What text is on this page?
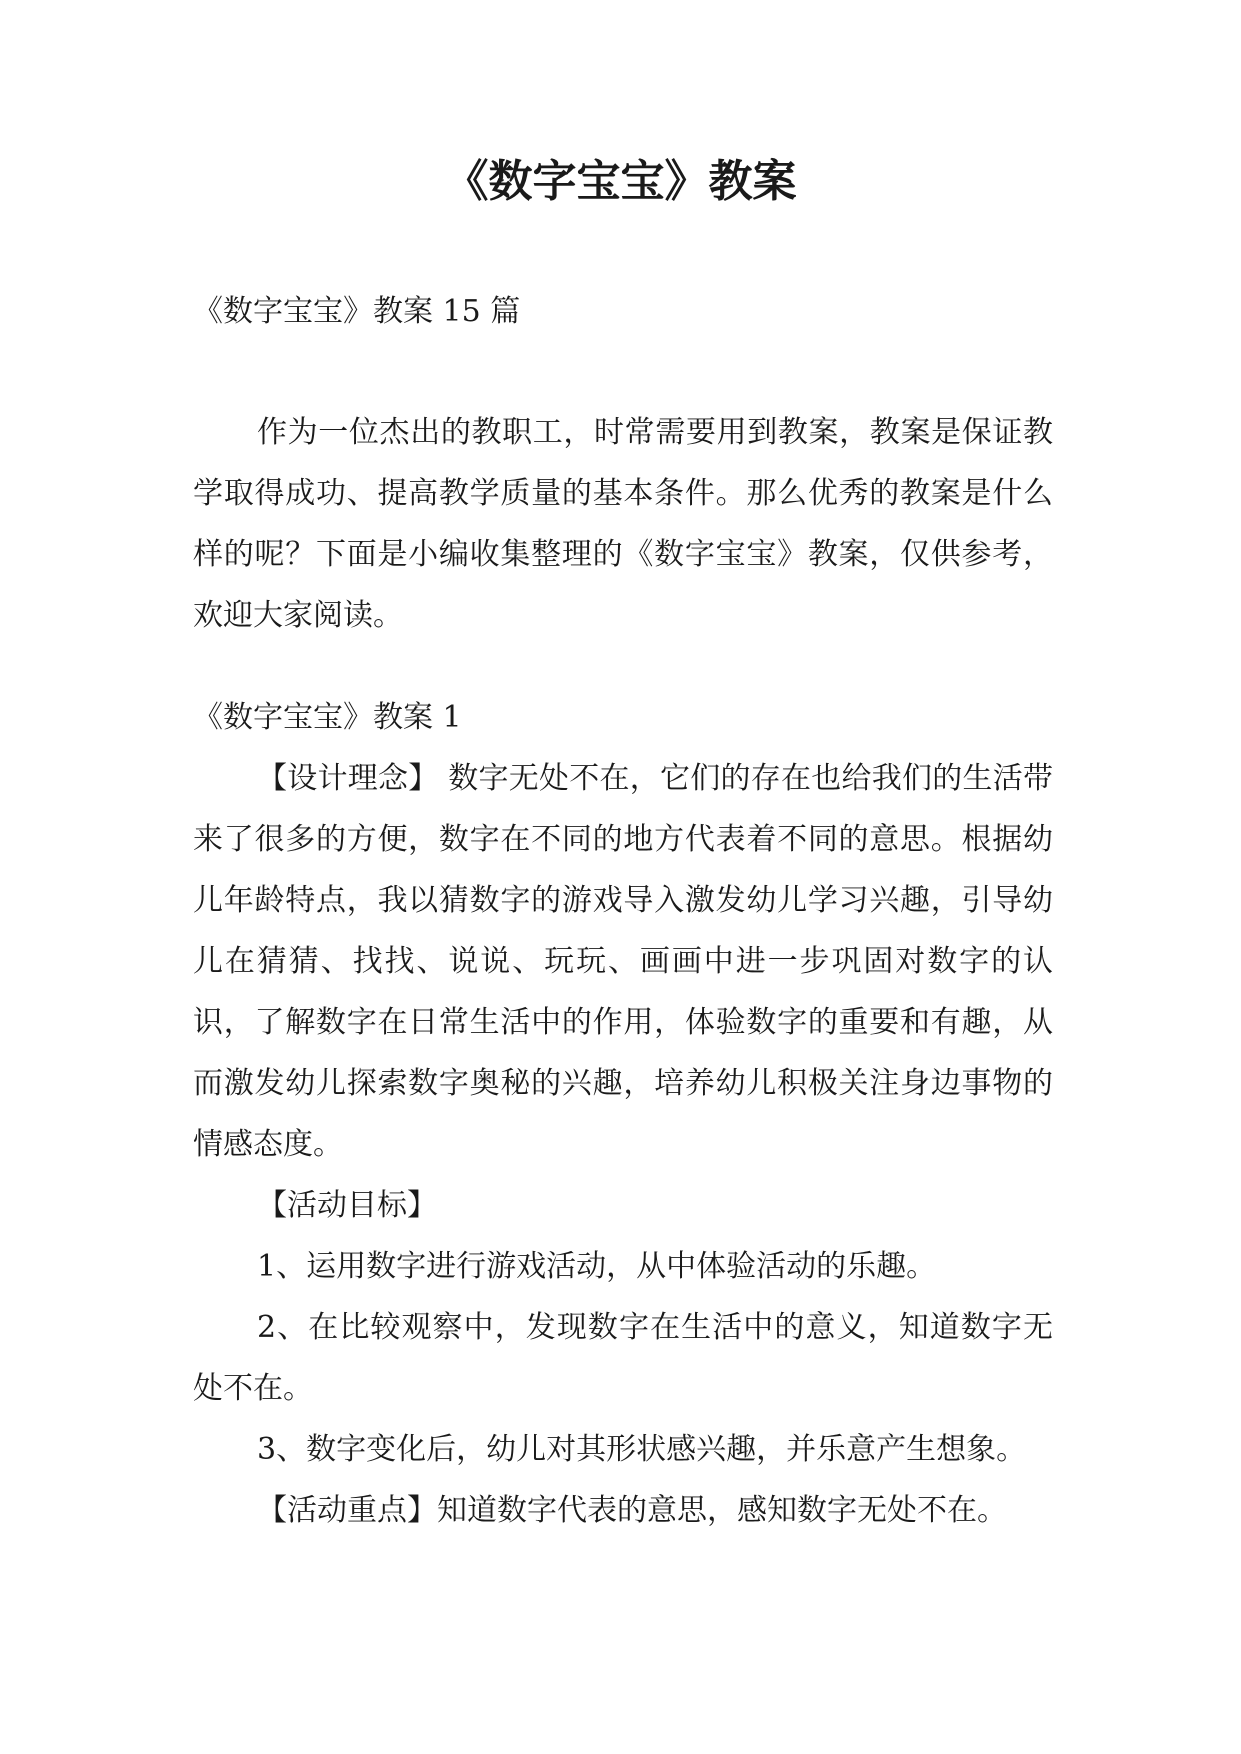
《数字宝宝》教案

《数字宝宝》教案 15 篇

作为一位杰出的教职工，时常需要用到教案，教案是保证教学取得成功、提高教学质量的基本条件。那么优秀的教案是什么样的呢？下面是小编收集整理的《数字宝宝》教案，仅供参考，欢迎大家阅读。

《数字宝宝》教案 1

【设计理念】 数字无处不在，它们的存在也给我们的生活带来了很多的方便，数字在不同的地方代表着不同的意思。根据幼儿年龄特点，我以猜数字的游戏导入激发幼儿学习兴趣，引导幼儿在猜猜、找找、说说、玩玩、画画中进一步巩固对数字的认识，了解数字在日常生活中的作用，体验数字的重要和有趣，从而激发幼儿探索数字奥秘的兴趣，培养幼儿积极关注身边事物的情感态度。

【活动目标】

1、运用数字进行游戏活动，从中体验活动的乐趣。

2、在比较观察中，发现数字在生活中的意义，知道数字无处不在。

3、数字变化后，幼儿对其形状感兴趣，并乐意产生想象。

【活动重点】知道数字代表的意思，感知数字无处不在。
